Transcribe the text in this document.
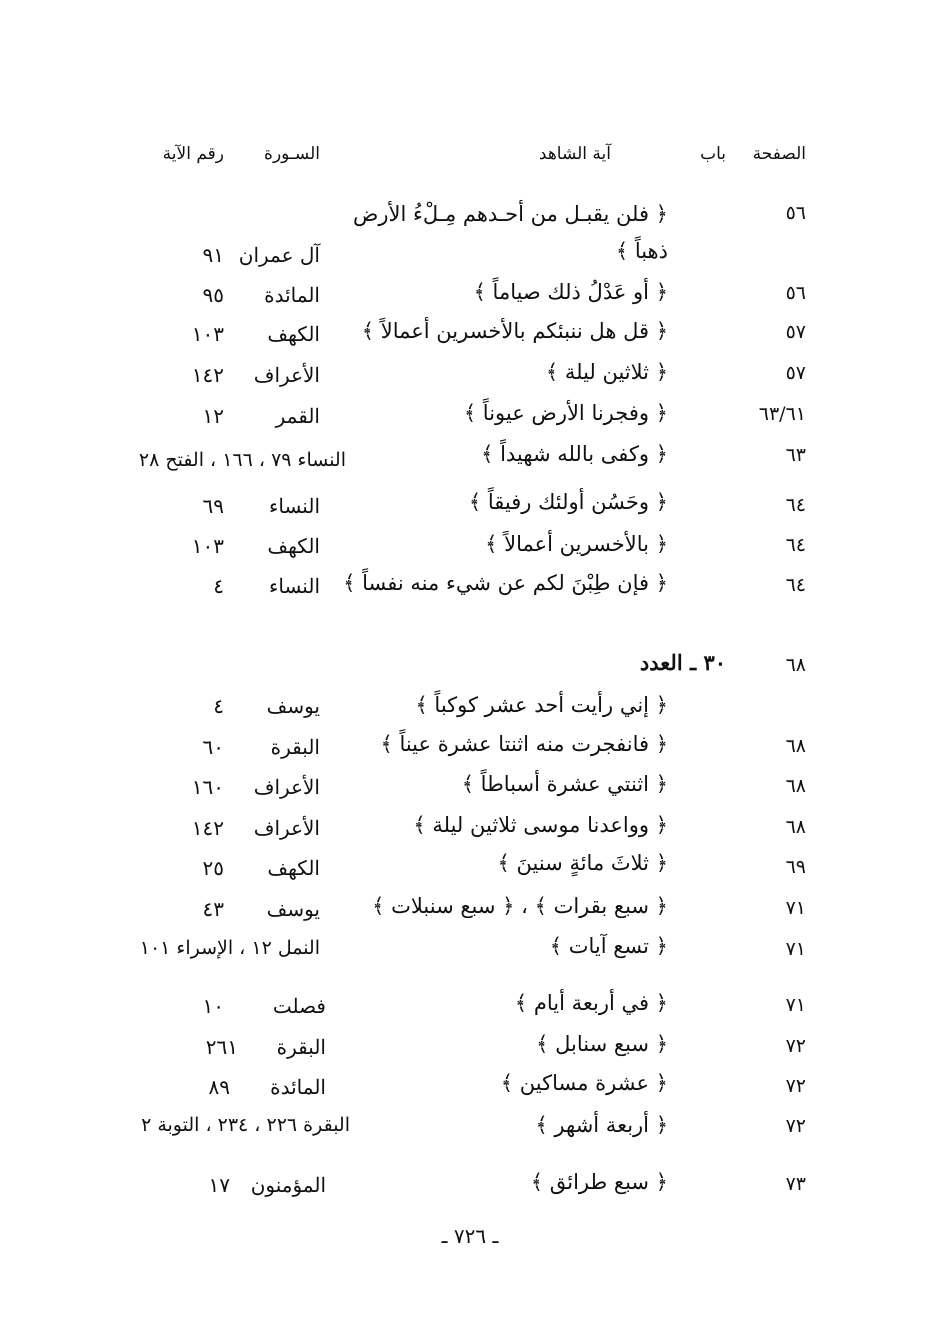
الصفحة
باب
آية الشاهد
السـورة
رقم الآية
٥٦
﴿ فلن يقبـل من أحـدهم مِـلْءُ الأرض
ذهباً ﴾
آل عمران
٩١
٥٦
﴿ أو عَدْلُ ذلك صياماً ﴾
المائدة
٩٥
٥٧
﴿ قل هل ننبئكم بالأخسرين أعمالاً ﴾
الكهف
١٠٣
٥٧
﴿ ثلاثين ليلة ﴾
الأعراف
١٤٢
٦٣/٦١
﴿ وفجرنا الأرض عيوناً ﴾
القمر
١٢
٦٣
﴿ وكفى بالله شهيداً ﴾
النساء ٧٩ ، ١٦٦ ، الفتح ٢٨
٦٤
﴿ وحَسُن أولئك رفيقاً ﴾
النساء
٦٩
٦٤
﴿ بالأخسرين أعمالاً ﴾
الكهف
١٠٣
٦٤
﴿ فإن طِبْنَ لكم عن شيء منه نفساً ﴾
النساء
٤
٦٨
٣٠ ـ العدد
﴿ إني رأيت أحد عشر كوكباً ﴾
يوسف
٤
٦٨
﴿ فانفجرت منه اثنتا عشرة عيناً ﴾
البقرة
٦٠
٦٨
﴿ اثنتي عشرة أسباطاً ﴾
الأعراف
١٦٠
٦٨
﴿ وواعدنا موسى ثلاثين ليلة ﴾
الأعراف
١٤٢
٦٩
﴿ ثلاثَ مائةٍ سنينَ ﴾
الكهف
٢٥
٧١
﴿ سبع بقرات ﴾ ، ﴿ سبع سنبلات ﴾
يوسف
٤٣
٧١
﴿ تسع آيات ﴾
النمل ١٢ ، الإسراء ١٠١
٧١
﴿ في أربعة أيام ﴾
فصلت
١٠
٧٢
﴿ سبع سنابل ﴾
البقرة
٢٦١
٧٢
﴿ عشرة مساكين ﴾
المائدة
٨٩
٧٢
﴿ أربعة أشهر ﴾
البقرة ٢٢٦ ، ٢٣٤ ، التوبة ٢
٧٣
﴿ سبع طرائق ﴾
المؤمنون
١٧
ـ ٧٢٦ ـ
